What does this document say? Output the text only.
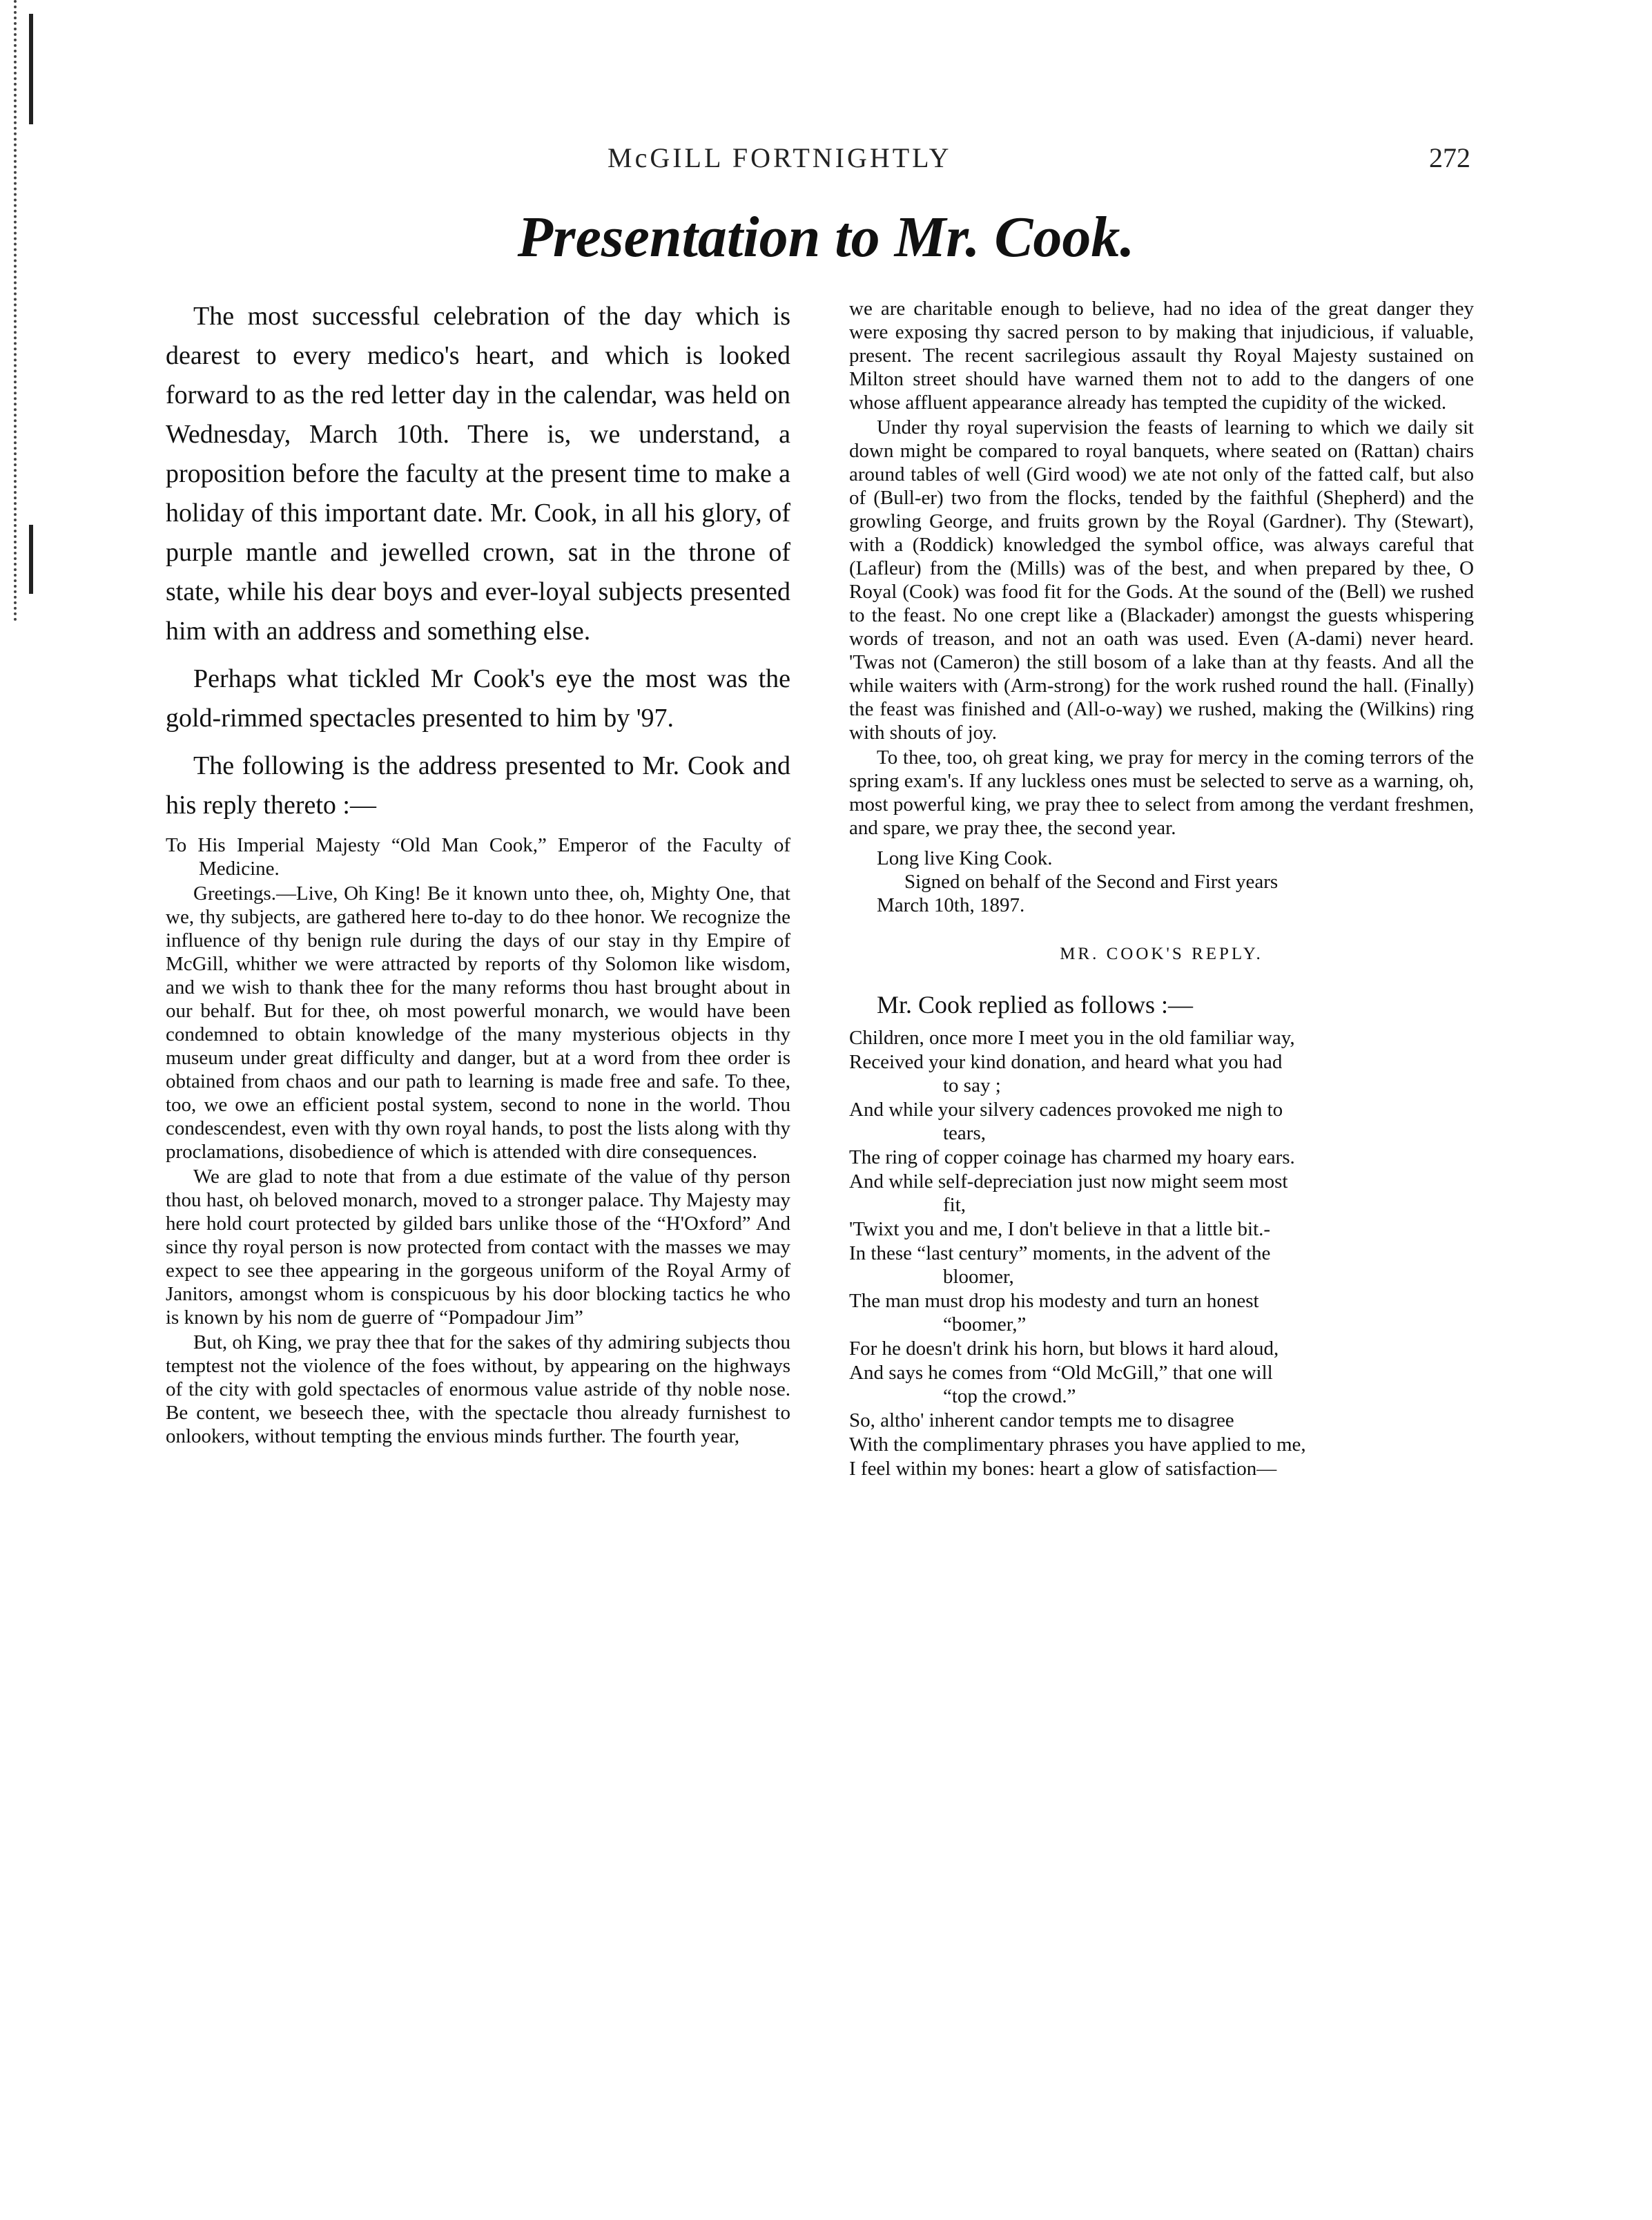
McGILL FORTNIGHTLY	272
Presentation to Mr. Cook.

The most successful celebration of the day which is dearest to every medico's heart, and which is looked forward to as the red letter day in the calendar, was held on Wednesday, March 10th. There is, we understand, a proposition before the faculty at the present time to make a holiday of this important date. Mr. Cook, in all his glory, of purple mantle and jewelled crown, sat in the throne of state, while his dear boys and ever-loyal subjects presented him with an address and something else.

Perhaps what tickled Mr Cook's eye the most was the gold-rimmed spectacles presented to him by '97.

The following is the address presented to Mr. Cook and his reply thereto :—

To His Imperial Majesty “Old Man Cook,” Emperor of the Faculty of Medicine.

Greetings.—Live, Oh King! Be it known unto thee, oh, Mighty One, that we, thy subjects, are gathered here to-day to do thee honor. We recognize the influence of thy benign rule during the days of our stay in thy Empire of McGill, whither we were attracted by reports of thy Solomon like wisdom, and we wish to thank thee for the many reforms thou hast brought about in our behalf. But for thee, oh most powerful monarch, we would have been condemned to obtain knowledge of the many mysterious objects in thy museum under great difficulty and danger, but at a word from thee order is obtained from chaos and our path to learning is made free and safe. To thee, too, we owe an efficient postal system, second to none in the world. Thou condescendest, even with thy own royal hands, to post the lists along with thy proclamations, disobedience of which is attended with dire consequences.

We are glad to note that from a due estimate of the value of thy person thou hast, oh beloved monarch, moved to a stronger palace. Thy Majesty may here hold court protected by gilded bars unlike those of the “H'Oxford” And since thy royal person is now protected from contact with the masses we may expect to see thee appearing in the gorgeous uniform of the Royal Army of Janitors, amongst whom is conspicuous by his door blocking tactics he who is known by his nom de guerre of “Pompadour Jim”

But, oh King, we pray thee that for the sakes of thy admiring subjects thou temptest not the violence of the foes without, by appearing on the highways of the city with gold spectacles of enormous value astride of thy noble nose. Be content, we beseech thee, with the spectacle thou already furnishest to onlookers, without tempting the envious minds further. The fourth year,

we are charitable enough to believe, had no idea of the great danger they were exposing thy sacred person to by making that injudicious, if valuable, present. The recent sacrilegious assault thy Royal Majesty sustained on Milton street should have warned them not to add to the dangers of one whose affluent appearance already has tempted the cupidity of the wicked.

Under thy royal supervision the feasts of learning to which we daily sit down might be compared to royal banquets, where seated on (Rattan) chairs around tables of well (Gird wood) we ate not only of the fatted calf, but also of (Bull-er) two from the flocks, tended by the faithful (Shepherd) and the growling George, and fruits grown by the Royal (Gardner). Thy (Stewart), with a (Roddick) knowledged the symbol office, was always careful that (Lafleur) from the (Mills) was of the best, and when prepared by thee, O Royal (Cook) was food fit for the Gods. At the sound of the (Bell) we rushed to the feast. No one crept like a (Blackader) amongst the guests whispering words of treason, and not an oath was used. Even (A-dami) never heard. 'Twas not (Cameron) the still bosom of a lake than at thy feasts. And all the while waiters with (Arm-strong) for the work rushed round the hall. (Finally) the feast was finished and (All-o-way) we rushed, making the (Wilkins) ring with shouts of joy.

To thee, too, oh great king, we pray for mercy in the coming terrors of the spring exam's. If any luckless ones must be selected to serve as a warning, oh, most powerful king, we pray thee to select from among the verdant freshmen, and spare, we pray thee, the second year.

Long live King Cook.

Signed on behalf of the Second and First years

March 10th, 1897.

MR. COOK'S REPLY.

Mr. Cook replied as follows :—

Children, once more I meet you in the old familiar way,

Received your kind donation, and heard what you had
to say ;

And while your silvery cadences provoked me nigh to
tears,

The ring of copper coinage has charmed my hoary ears.

And while self-depreciation just now might seem most
fit,

'Twixt you and me, I don't believe in that a little bit.-

In these “last century” moments, in the advent of the
bloomer,

The man must drop his modesty and turn an honest
“boomer,”

For he doesn't drink his horn, but blows it hard aloud,

And says he comes from “Old McGill,” that one will
“top the crowd.”

So, altho' inherent candor tempts me to disagree

With the complimentary phrases you have applied to me,

I feel within my bones: heart a glow of satisfaction—
